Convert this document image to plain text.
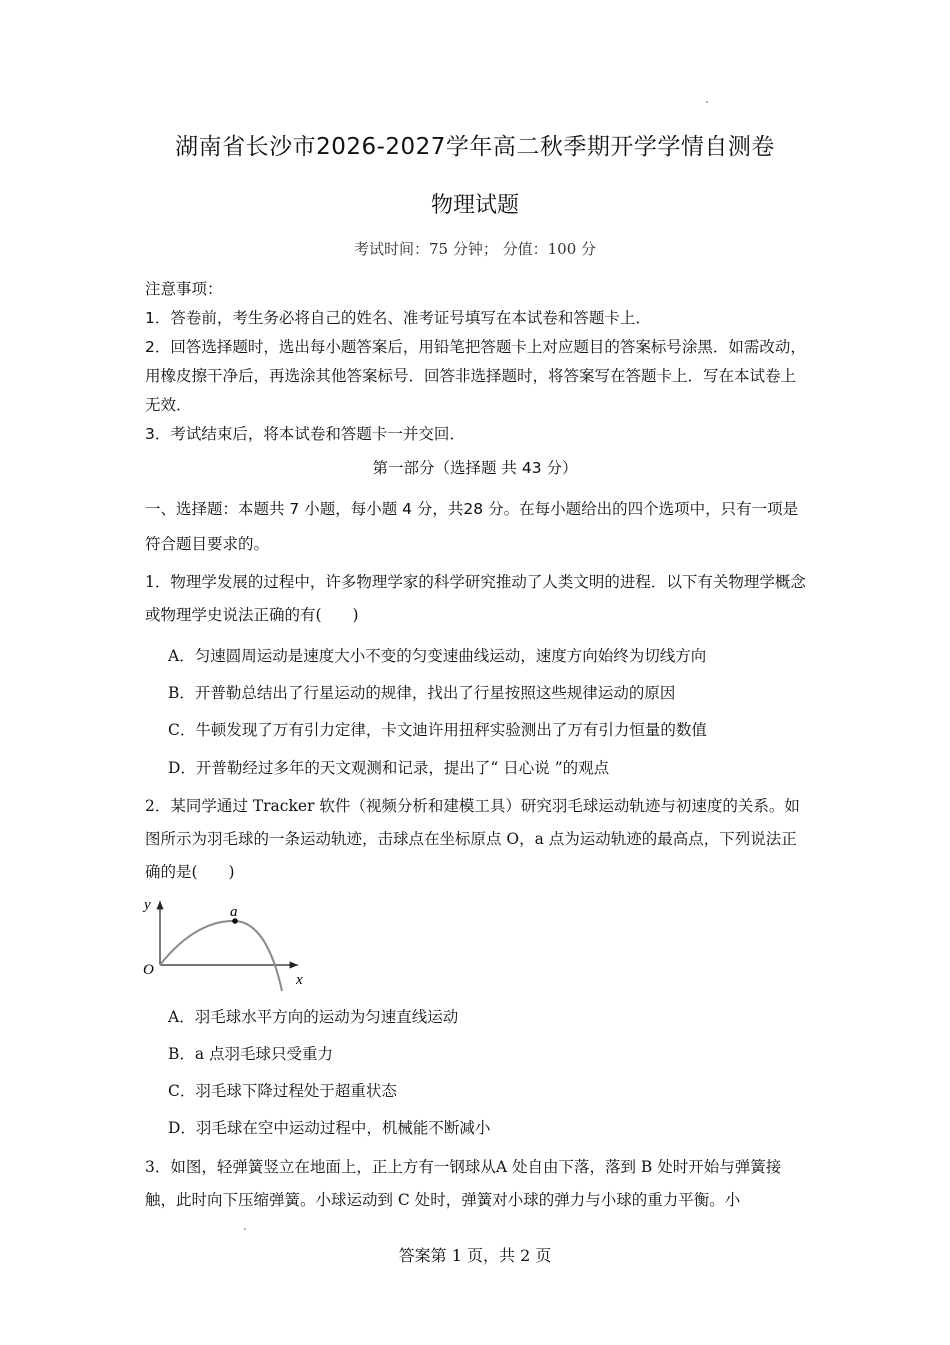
湖南省长沙市2026-2027学年高二秋季期开学学情自测卷
物理试题
考试时间：75 分钟； 分值：100 分

注意事项：

1．答卷前，考生务必将自己的姓名、准考证号填写在本试卷和答题卡上．

2．回答选择题时，选出每小题答案后，用铅笔把答题卡上对应题目的答案标号涂黑．如需改动，用橡皮擦干净后，再选涂其他答案标号．回答非选择题时，将答案写在答题卡上．写在本试卷上无效．

3．考试结束后，将本试卷和答题卡一并交回．

第一部分（选择题 共 43 分）
一、选择题：本题共 7 小题，每小题 4 分，共28 分。在每小题给出的四个选项中，只有一项是符合题目要求的。
1．物理学发展的过程中，许多物理学家的科学研究推动了人类文明的进程．以下有关物理学概念或物理学史说法正确的有(　　)
A．匀速圆周运动是速度大小不变的匀变速曲线运动，速度方向始终为切线方向
B．开普勒总结出了行星运动的规律，找出了行星按照这些规律运动的原因
C．牛顿发现了万有引力定律，卡文迪许用扭秤实验测出了万有引力恒量的数值
D．开普勒经过多年的天文观测和记录，提出了“ 日心说 ”的观点
2．某同学通过 Tracker 软件（视频分析和建模工具）研究羽毛球运动轨迹与初速度的关系。如图所示为羽毛球的一条运动轨迹，击球点在坐标原点 O，a 点为运动轨迹的最高点，下列说法正确的是(　　)
y
x
O
a
A．羽毛球水平方向的运动为匀速直线运动
B．a 点羽毛球只受重力
C．羽毛球下降过程处于超重状态
D．羽毛球在空中运动过程中，机械能不断减小
3．如图，轻弹簧竖立在地面上，正上方有一钢球从A 处自由下落，落到 B 处时开始与弹簧接触，此时向下压缩弹簧。小球运动到 C 处时，弹簧对小球的弹力与小球的重力平衡。小
答案第 1 页，共 2 页
